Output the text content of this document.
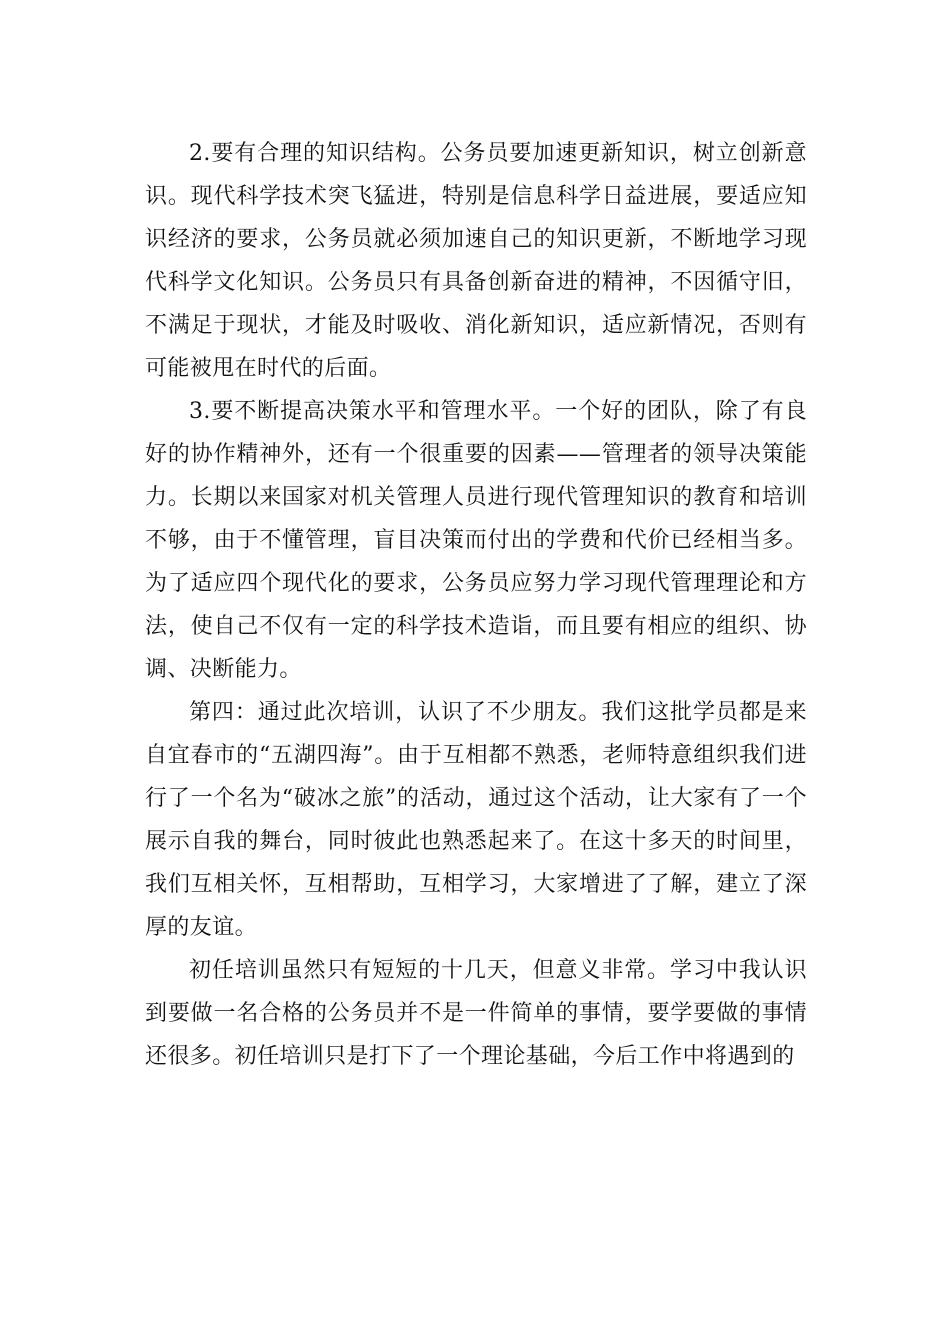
2.要有合理的知识结构。公务员要加速更新知识，树立创新意识。现代科学技术突飞猛进，特别是信息科学日益进展，要适应知识经济的要求，公务员就必须加速自己的知识更新，不断地学习现代科学文化知识。公务员只有具备创新奋进的精神，不因循守旧，不满足于现状，才能及时吸收、消化新知识，适应新情况，否则有可能被甩在时代的后面。

3.要不断提高决策水平和管理水平。一个好的团队，除了有良好的协作精神外，还有一个很重要的因素——管理者的领导决策能力。长期以来国家对机关管理人员进行现代管理知识的教育和培训不够，由于不懂管理，盲目决策而付出的学费和代价已经相当多。为了适应四个现代化的要求，公务员应努力学习现代管理理论和方法，使自己不仅有一定的科学技术造诣，而且要有相应的组织、协调、决断能力。

第四：通过此次培训，认识了不少朋友。我们这批学员都是来自宜春市的“五湖四海”。由于互相都不熟悉，老师特意组织我们进行了一个名为“破冰之旅”的活动，通过这个活动，让大家有了一个展示自我的舞台，同时彼此也熟悉起来了。在这十多天的时间里，我们互相关怀，互相帮助，互相学习，大家增进了了解，建立了深厚的友谊。

初任培训虽然只有短短的十几天，但意义非常。学习中我认识到要做一名合格的公务员并不是一件简单的事情，要学要做的事情还很多。初任培训只是打下了一个理论基础，今后工作中将遇到的
